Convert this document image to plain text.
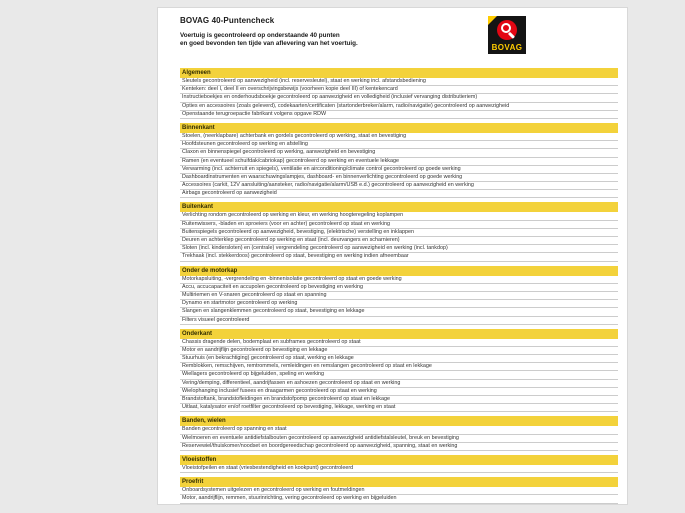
BOVAG 40-Puntencheck
Voertuig is gecontroleerd op onderstaande 40 punten
en goed bevonden ten tijde van aflevering van het voertuig.	BOVAG
Algemeen
Sleutels gecontroleerd op aanwezigheid (incl. reservesleutel), staat en werking incl. afstandsbediening
Kenteken: deel I, deel II en overschrijvingsbewijs (voorheen kopie deel III) of kentekencard
Instructieboekjes en onderhoudsboekje gecontroleerd op aanwezigheid en volledigheid (inclusief vervanging distributieriem)
Opties en accessoires (zoals geleverd), codekaarten/certificaten (startonderbreker/alarm, radio/navigatie) gecontroleerd op aanwezigheid
Openstaande terugroepactie fabrikant volgens opgave RDW
Binnenkant
Stoelen, (neerklapbare) achterbank en gordels gecontroleerd op werking, staat en bevestiging
Hoofdsteunen gecontroleerd op werking en afstelling
Claxon en binnenspiegel gecontroleerd op werking, aanwezigheid en bevestiging
Ramen (en eventueel schuifdak/cabriokap) gecontroleerd op werking en eventuele lekkage
Verwarming (incl. achterruit en spiegels), ventilatie en airconditioning/climate control gecontroleerd op goede werking
Dashboardinstrumenten en waarschuwingslampjes, dashboard- en binnenverlichting gecontroleerd op goede werking
Accessoires (carkit, 12V aansluiting/aansteker, radio/navigatie/alarm/USB e.d.) gecontroleerd op aanwezigheid en werking
Airbags gecontroleerd op aanwezigheid
Buitenkant
Verlichting rondom gecontroleerd op werking en kleur, en werking hoogteregeling koplampen
Ruitenwissers, -bladen en sproeiers (voor en achter) gecontroleerd op staat en werking
Buitenspiegels gecontroleerd op aanwezigheid, bevestiging, (elektrische) verstelling en inklappen
Deuren en achterklep gecontroleerd op werking en staat (incl. deurvangers en scharnieren)
Sloten (incl. kindersloten) en (centrale) vergrendeling gecontroleerd op aanwezigheid en werking (incl. tankdop)
Trekhaak (incl. stekkerdoos) gecontroleerd op staat, bevestiging en werking indien afneembaar
Onder de motorkap
Motorkapsluiting, -vergrendeling en -binnenisolatie gecontroleerd op staat en goede werking
Accu, accucapaciteit en accupolen gecontroleerd op bevestiging en werking
Multiriemen en V-snaren gecontroleerd op staat en spanning
Dynamo en startmotor gecontroleerd op werking
Slangen en slangenklemmen gecontroleerd op staat, bevestiging en lekkage
Filters visueel gecontroleerd
Onderkant
Chassis dragende delen, bodemplaat en subframes gecontroleerd op staat
Motor en aandrijflijn gecontroleerd op bevestiging en lekkage
Stuurhuis (en bekrachtiging) gecontroleerd op staat, werking en lekkage
Remblokken, remschijven, remtrommels, remleidingen en remslangen gecontroleerd op staat en lekkage
Wiellagers gecontroleerd op bijgeluiden, speling en werking
Vering/demping, differentieel, aandrijfassen en ashoezen gecontroleerd op staat en werking
Wielophanging inclusief fusees en draagarmen gecontroleerd op staat en werking
Brandstoftank, brandstofleidingen en brandstofpomp gecontroleerd op staat en lekkage
Uitlaat, katalysator en/of roetfilter gecontroleerd op bevestiging, lekkage, werking en staat
Banden, wielen
Banden gecontroleerd op spanning en staat
Wielmoeren en eventuele antidiefstalbouten gecontroleerd op aanwezigheid antidiefstalsleutel, breuk en bevestiging
Reservewiel/thuiskomer/noodset en boordgereedschap gecontroleerd op aanwezigheid, spanning, staat en werking
Vloeistoffen
Vloeistofpeilen en staat (vriesbestendigheid en kookpunt) gecontroleerd
Proefrit
Onboardsystemen uitgelezen en gecontroleerd op werking en foutmeldingen
Motor, aandrijflijn, remmen, stuurinrichting, vering gecontroleerd op werking en bijgeluiden
